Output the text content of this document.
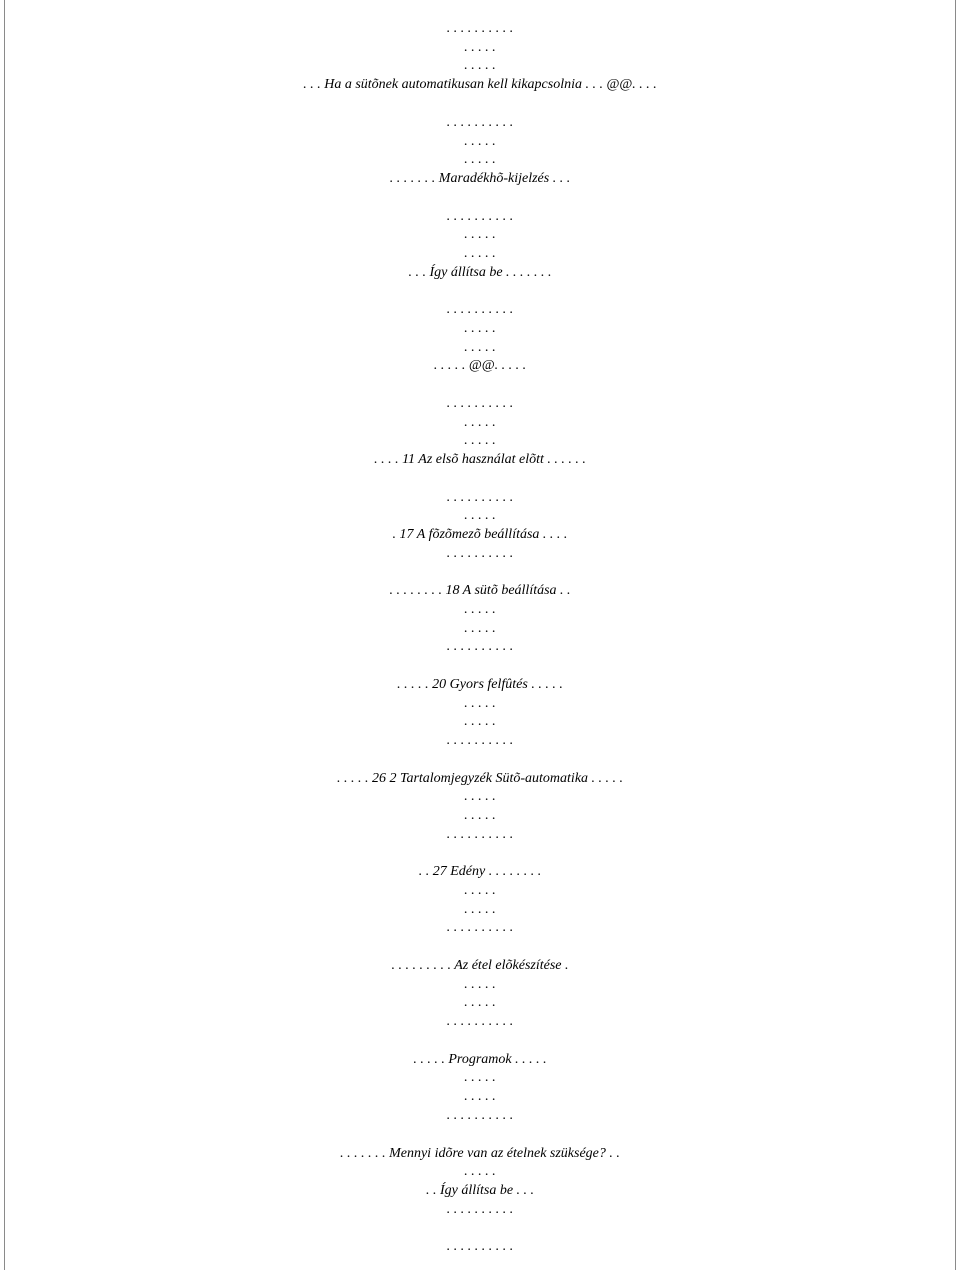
. . . . . . . . . .
. . . . .
. . . . .
. . . Ha a sütõnek automatikusan kell kikapcsolnia . . . @@. . . .
. . . . . . . . . .
. . . . .
. . . . .
. . . . . . . Maradékhõ-kijelzés . . .
. . . . . . . . . .
. . . . .
. . . . .
. . . Így állítsa be . . . . . . .
. . . . . . . . . .
. . . . .
. . . . .
. . . . . @@. . . . .
. . . . . . . . . .
. . . . .
. . . . .
. . . . 11 Az elsõ használat elõtt . . . . . .
. . . . . . . . . .
. . . . .
. 17 A fõzõmezõ beállítása . . . .
. . . . . . . . . .
. . . . . . . . 18 A sütõ beállítása . .
. . . . .
. . . . .
. . . . . . . . . .
. . . . . 20 Gyors felfûtés . . . . .
. . . . .
. . . . .
. . . . . . . . . .
. . . . . 26 2 Tartalomjegyzék Sütõ-automatika . . . . .
. . . . .
. . . . .
. . . . . . . . . .
. . 27 Edény . . . . . . . .
. . . . .
. . . . .
. . . . . . . . . .
. . . . . . . . . Az étel elõkészítése .
. . . . .
. . . . .
. . . . . . . . . .
. . . . . Programok . . . . .
. . . . .
. . . . .
. . . . . . . . . .
. . . . . . . Mennyi idõre van az ételnek szüksége? . .
. . . . .
. . Így állítsa be . . .
. . . . . . . . . .
. . . . . . . . . .
